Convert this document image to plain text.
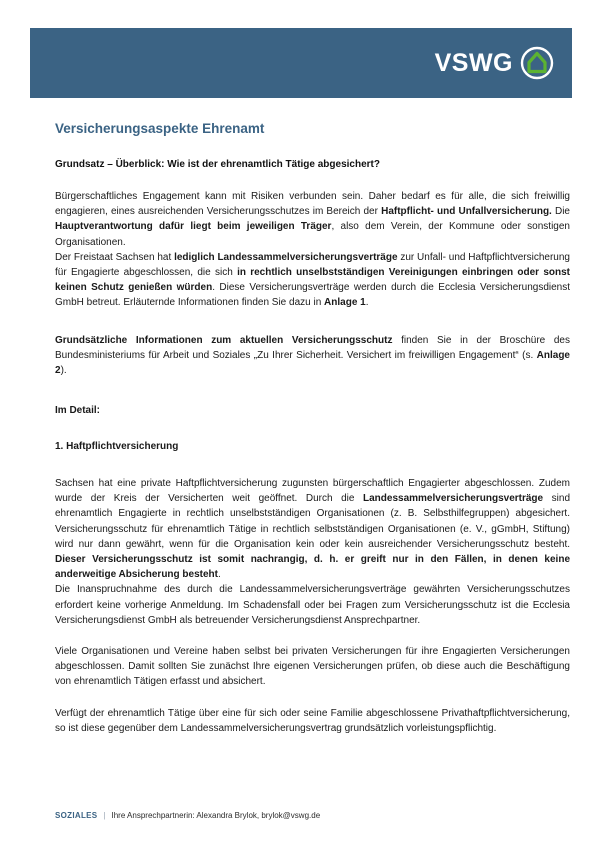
VSWG
Versicherungsaspekte Ehrenamt
Grundsatz – Überblick: Wie ist der ehrenamtlich Tätige abgesichert?

Bürgerschaftliches Engagement kann mit Risiken verbunden sein. Daher bedarf es für alle, die sich freiwillig engagieren, eines ausreichenden Versicherungsschutzes im Bereich der Haftpflicht- und Unfallversicherung. Die Hauptverantwortung dafür liegt beim jeweiligen Träger, also dem Verein, der Kommune oder sonstigen Organisationen.

Der Freistaat Sachsen hat lediglich Landessammelversicherungsverträge zur Unfall- und Haftpflichtversicherung für Engagierte abgeschlossen, die sich in rechtlich unselbstständigen Vereinigungen einbringen oder sonst keinen Schutz genießen würden. Diese Versicherungsverträge werden durch die Ecclesia Versicherungsdienst GmbH betreut. Erläuternde Informationen finden Sie dazu in Anlage 1.

Grundsätzliche Informationen zum aktuellen Versicherungsschutz finden Sie in der Broschüre des Bundesministeriums für Arbeit und Soziales „Zu Ihrer Sicherheit. Versichert im freiwilligen Engagement“ (s. Anlage 2).

Im Detail:

1. Haftpflichtversicherung

Sachsen hat eine private Haftpflichtversicherung zugunsten bürgerschaftlich Engagierter abgeschlossen. Zudem wurde der Kreis der Versicherten weit geöffnet. Durch die Landessammelversicherungsverträge sind ehrenamtlich Engagierte in rechtlich unselbstständigen Organisationen (z. B. Selbsthilfegruppen) abgesichert. Versicherungsschutz für ehrenamtlich Tätige in rechtlich selbstständigen Organisationen (e. V., gGmbH, Stiftung) wird nur dann gewährt, wenn für die Organisation kein oder kein ausreichender Versicherungsschutz besteht. Dieser Versicherungsschutz ist somit nachrangig, d. h. er greift nur in den Fällen, in denen keine anderweitige Absicherung besteht.

Die Inanspruchnahme des durch die Landessammelversicherungsverträge gewährten Versicherungsschutzes erfordert keine vorherige Anmeldung. Im Schadensfall oder bei Fragen zum Versicherungsschutz ist die Ecclesia Versicherungsdienst GmbH als betreuender Versicherungsdienst Ansprechpartner.

Viele Organisationen und Vereine haben selbst bei privaten Versicherungen für ihre Engagierten Versicherungen abgeschlossen. Damit sollten Sie zunächst Ihre eigenen Versicherungen prüfen, ob diese auch die Beschäftigung von ehrenamtlich Tätigen erfasst und absichert.

Verfügt der ehrenamtlich Tätige über eine für sich oder seine Familie abgeschlossene Privathaftpflichtversicherung, so ist diese gegenüber dem Landessammelversicherungsvertrag grundsätzlich vorleistungspflichtig.

SOZIALES | Ihre Ansprechpartnerin: Alexandra Brylok, brylok@vswg.de
